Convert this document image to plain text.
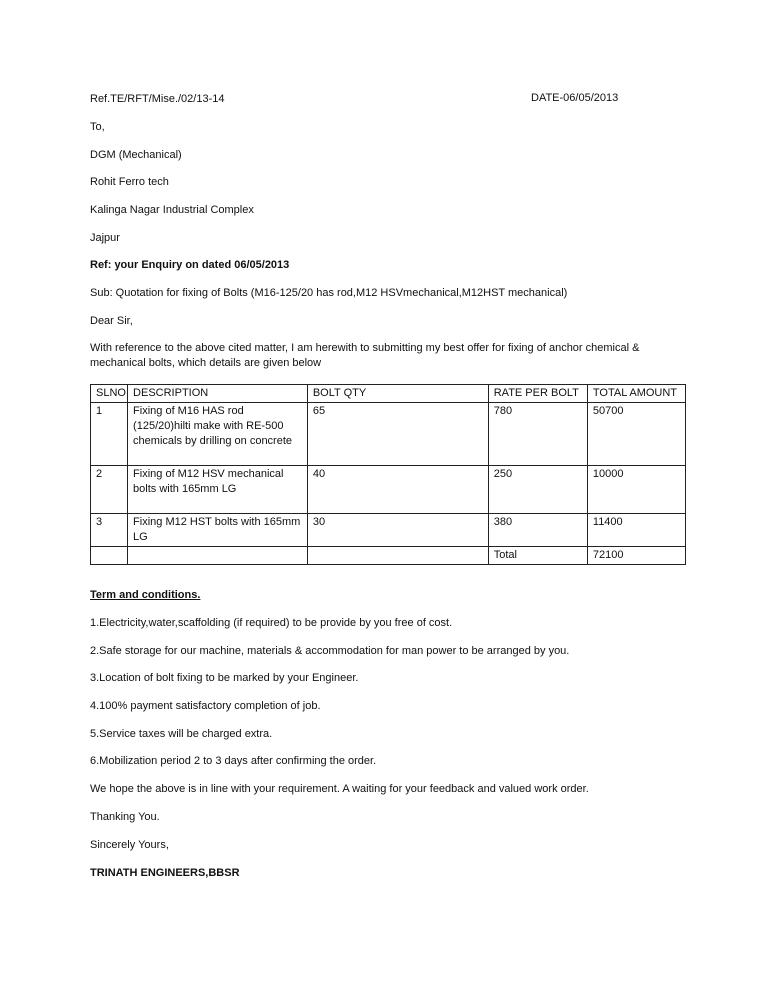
Ref.TE/RFT/Mise./02/13-14	DATE-06/05/2013
To,
DGM (Mechanical)
Rohit Ferro tech
Kalinga Nagar Industrial Complex
Jajpur
Ref: your Enquiry on dated 06/05/2013
Sub: Quotation for fixing of Bolts (M16-125/20 has rod,M12 HSVmechanical,M12HST mechanical)
Dear Sir,
With reference to the above cited matter, I am herewith to submitting my best offer for fixing of anchor chemical & mechanical bolts, which details are given below
SLNO	DESCRIPTION	BOLT QTY	RATE PER BOLT	TOTAL AMOUNT
1	Fixing of M16 HAS rod (125/20)hilti make with RE-500 chemicals by drilling on concrete	65	780	50700
2	Fixing of M12 HSV mechanical bolts with 165mm LG	40	250	10000
3	Fixing M12 HST bolts with 165mm LG	30	380	11400
			Total	72100
Term and conditions.
1.Electricity,water,scaffolding (if required) to be provide by you free of cost.
2.Safe storage for our machine, materials & accommodation for man power to be arranged by you.
3.Location of bolt fixing to be marked by your Engineer.
4.100% payment satisfactory completion of job.
5.Service taxes will be charged extra.
6.Mobilization period 2 to 3 days after confirming the order.
We hope the above is in line with your requirement. A waiting for your feedback and valued work order.
Thanking You.
Sincerely Yours,
TRINATH ENGINEERS,BBSR
